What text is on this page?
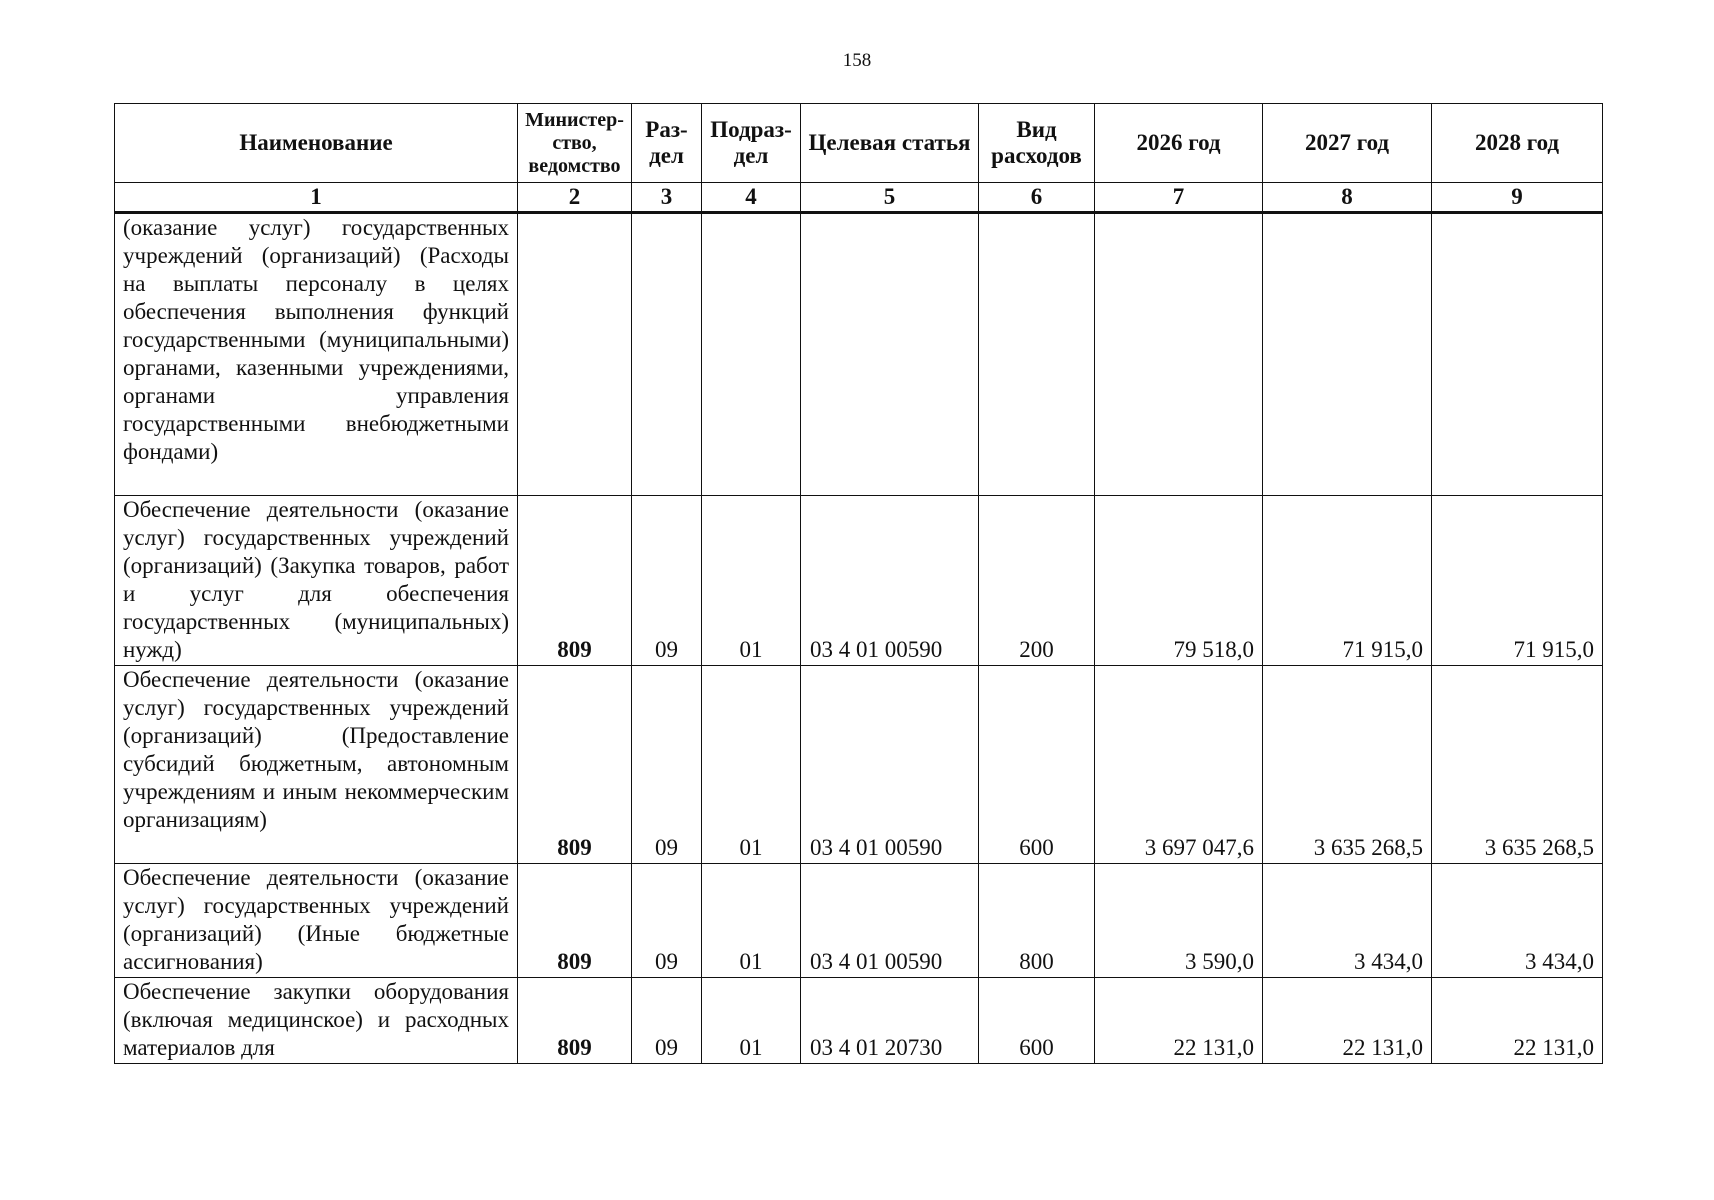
158
Наименование	Министер-ство, ведомство	Раз-дел	Подраз-дел	Целевая статья	Вид расходов	2026 год	2027 год	2028 год
1	2	3	4	5	6	7	8	9
(оказание услуг) государственных учреждений (организаций) (Расходы на выплаты персоналу в целях обеспечения выполнения функций государственными (муниципальными) органами, казенными учреждениями, органами управления государственными внебюджетными фондами)								
Обеспечение деятельности (оказание услуг) государственных учреждений (организаций) (Закупка товаров, работ и услуг для обеспечения государственных (муниципальных) нужд)	809	09	01	03 4 01 00590	200	79 518,0	71 915,0	71 915,0
Обеспечение деятельности (оказание услуг) государственных учреждений (организаций) (Предоставление субсидий бюджетным, автономным учреждениям и иным некоммерческим организациям)	809	09	01	03 4 01 00590	600	3 697 047,6	3 635 268,5	3 635 268,5
Обеспечение деятельности (оказание услуг) государственных учреждений (организаций) (Иные бюджетные ассигнования)	809	09	01	03 4 01 00590	800	3 590,0	3 434,0	3 434,0
Обеспечение закупки оборудования (включая медицинское) и расходных материалов для	809	09	01	03 4 01 20730	600	22 131,0	22 131,0	22 131,0
